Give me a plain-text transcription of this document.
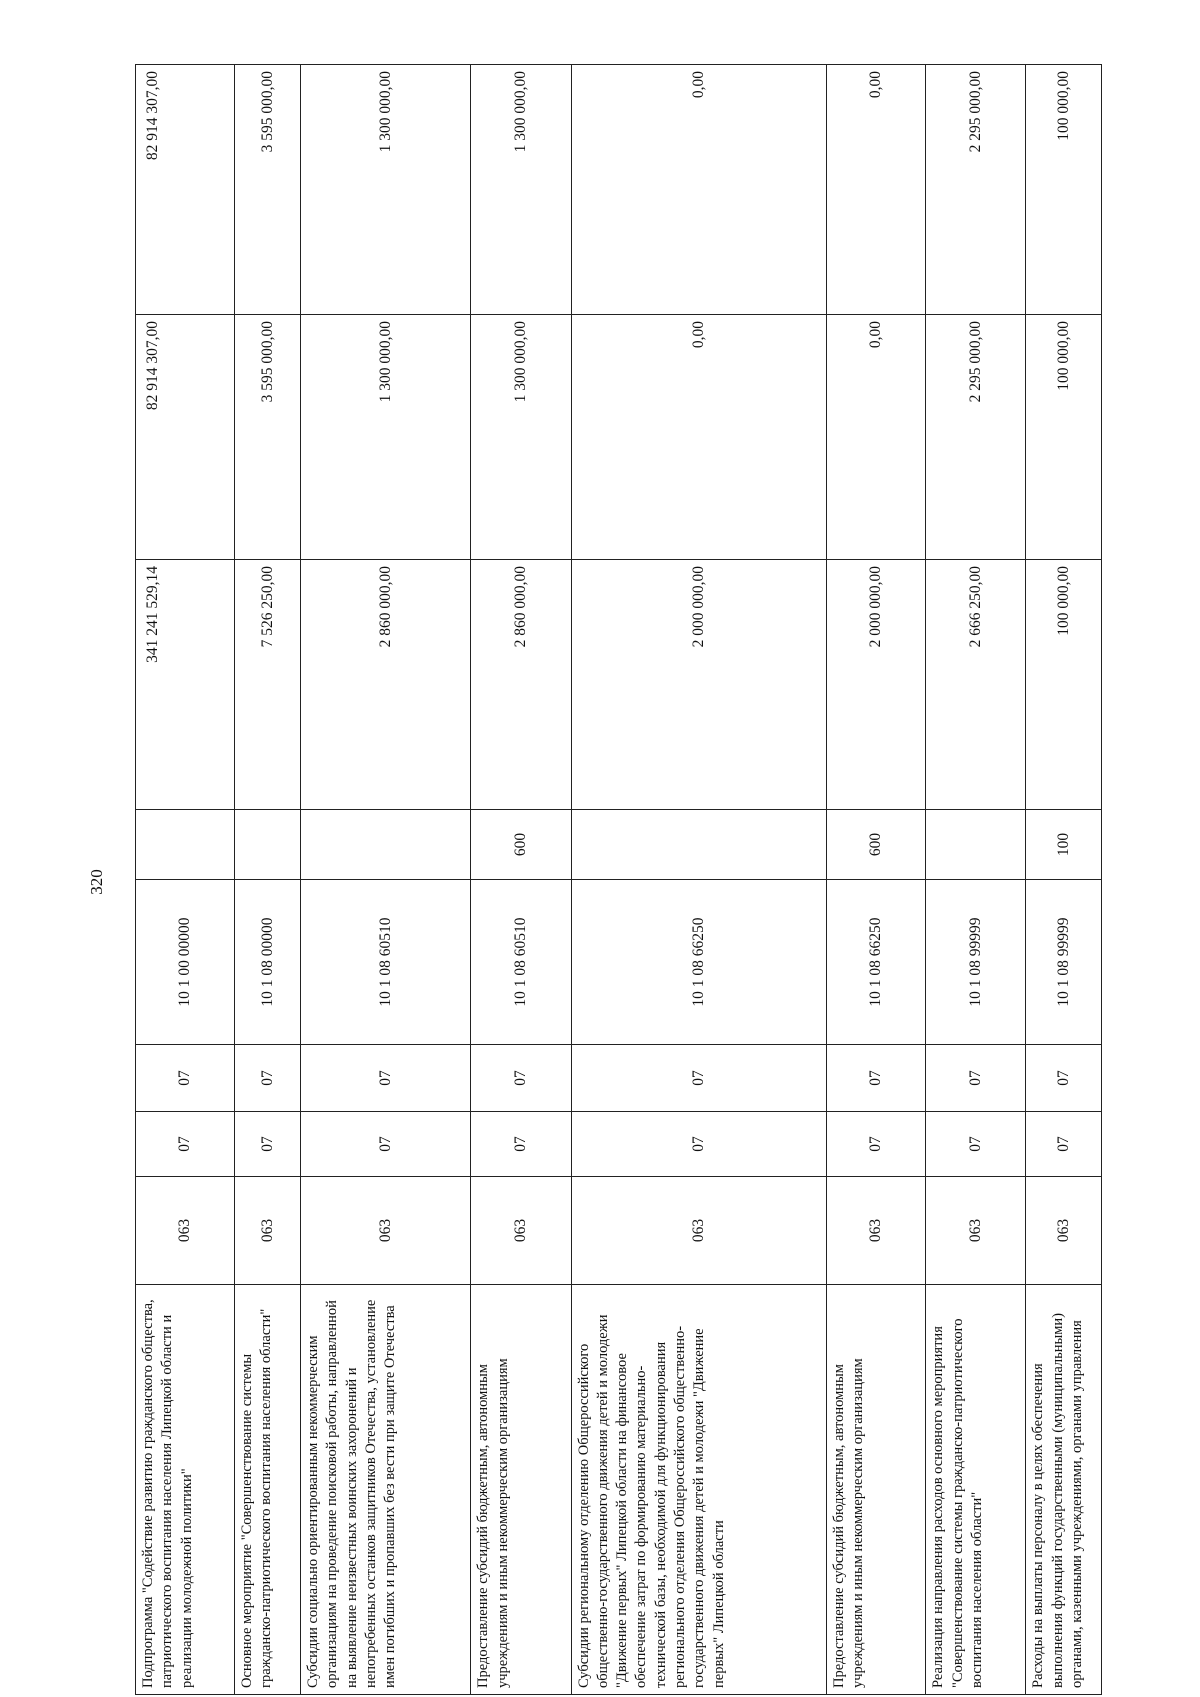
320
Подпрограмма "Содействие развитию гражданского общества, патриотического воспитания населения Липецкой области и реализации молодежной политики"	063	07	07	10 1 00 00000		341 241 529,14	82 914 307,00	82 914 307,00
Основное мероприятие "Совершенствование системы гражданско-патриотического воспитания населения области"	063	07	07	10 1 08 00000		7 526 250,00	3 595 000,00	3 595 000,00
Субсидии социально ориентированным некоммерческим организациям на проведение поисковой работы, направленной на выявление неизвестных воинских захоронений и непогребенных останков защитников Отечества, установление имен погибших и пропавших без вести при защите Отечества	063	07	07	10 1 08 60510		2 860 000,00	1 300 000,00	1 300 000,00
Предоставление субсидий бюджетным, автономным учреждениям и иным некоммерческим организациям	063	07	07	10 1 08 60510	600	2 860 000,00	1 300 000,00	1 300 000,00
Субсидии региональному отделению Общероссийского общественно-государственного движения детей и молодежи "Движение первых" Липецкой области на финансовое обеспечение затрат по формированию материально-технической базы, необходимой для функционирования регионального отделения Общероссийского общественно-государственного движения детей и молодежи "Движение первых" Липецкой области	063	07	07	10 1 08 66250		2 000 000,00	0,00	0,00
Предоставление субсидий бюджетным, автономным учреждениям и иным некоммерческим организациям	063	07	07	10 1 08 66250	600	2 000 000,00	0,00	0,00
Реализация направления расходов основного мероприятия "Совершенствование системы гражданско-патриотического воспитания населения области"	063	07	07	10 1 08 99999		2 666 250,00	2 295 000,00	2 295 000,00
Расходы на выплаты персоналу в целях обеспечения выполнения функций государственными (муниципальными) органами, казенными учреждениями, органами управления	063	07	07	10 1 08 99999	100	100 000,00	100 000,00	100 000,00
